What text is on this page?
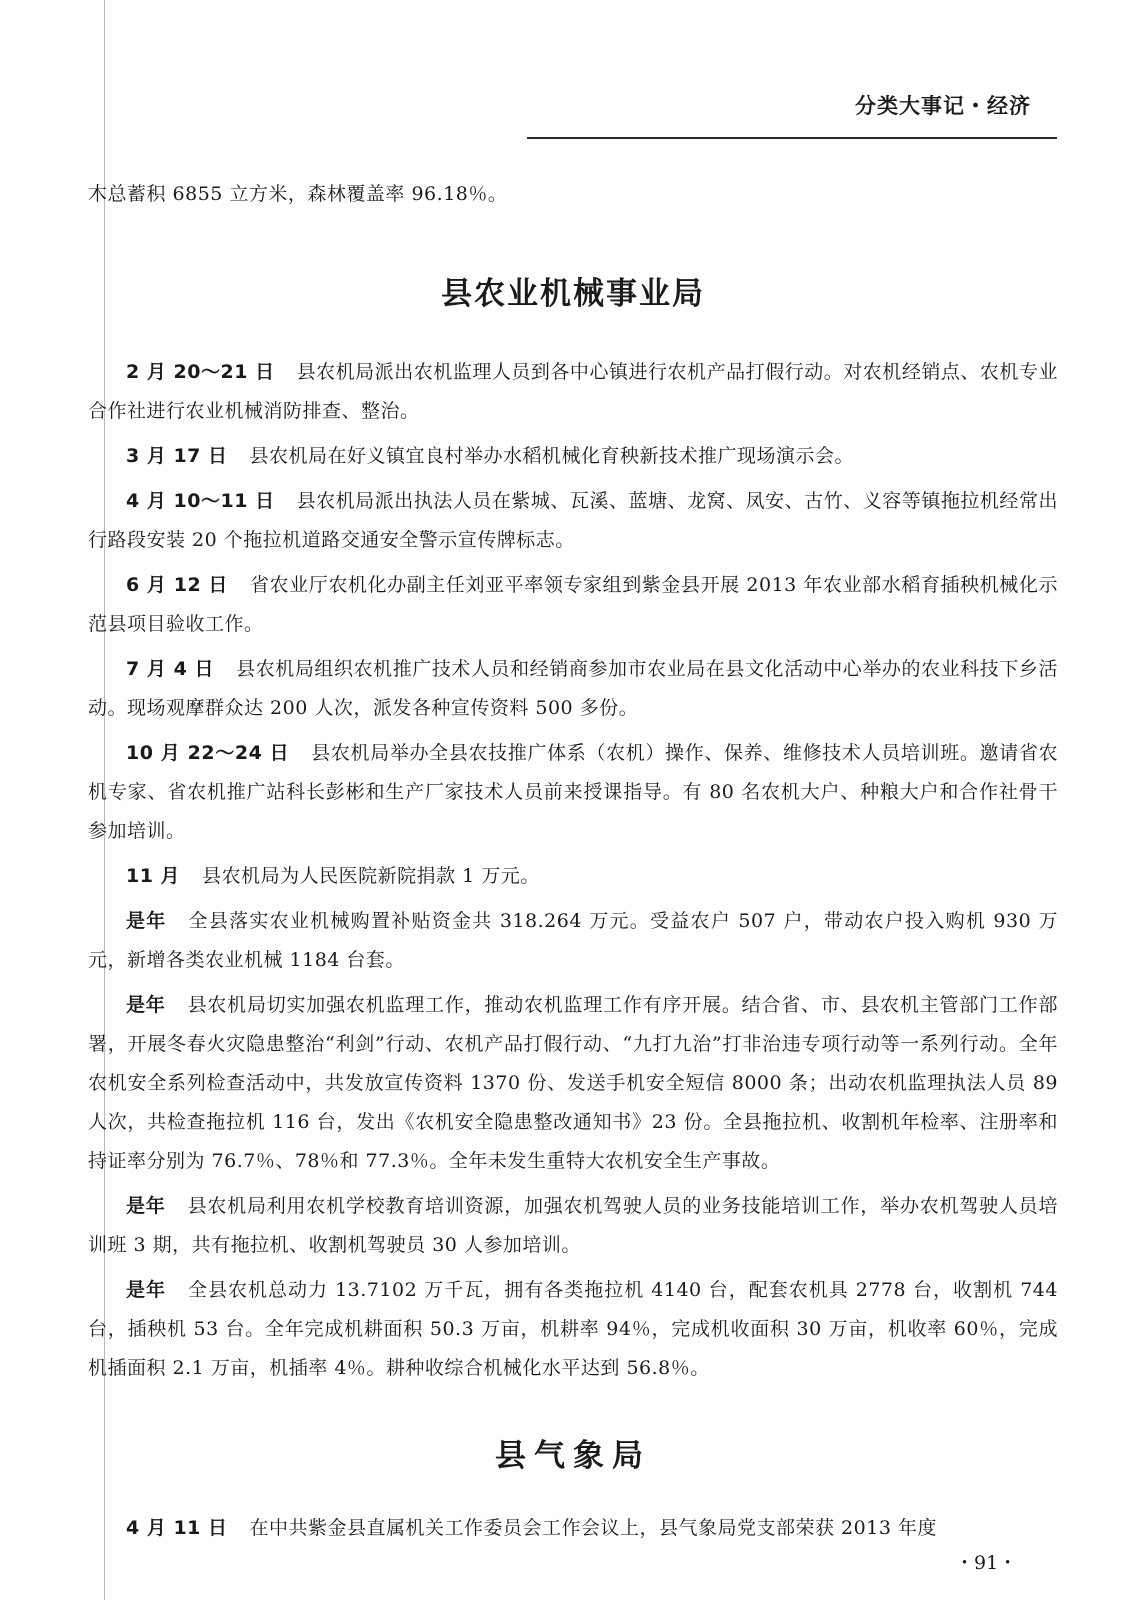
分类大事记・经济

木总蓄积 6855 立方米，森林覆盖率 96.18％。

县农业机械事业局

2 月 20～21 日 县农机局派出农机监理人员到各中心镇进行农机产品打假行动。对农机经销点、农机专业合作社进行农业机械消防排查、整治。

3 月 17 日 县农机局在好义镇宜良村举办水稻机械化育秧新技术推广现场演示会。

4 月 10～11 日 县农机局派出执法人员在紫城、瓦溪、蓝塘、龙窝、凤安、古竹、义容等镇拖拉机经常出行路段安装 20 个拖拉机道路交通安全警示宣传牌标志。

6 月 12 日 省农业厅农机化办副主任刘亚平率领专家组到紫金县开展 2013 年农业部水稻育插秧机械化示范县项目验收工作。

7 月 4 日 县农机局组织农机推广技术人员和经销商参加市农业局在县文化活动中心举办的农业科技下乡活动。现场观摩群众达 200 人次，派发各种宣传资料 500 多份。

10 月 22～24 日 县农机局举办全县农技推广体系（农机）操作、保养、维修技术人员培训班。邀请省农机专家、省农机推广站科长彭彬和生产厂家技术人员前来授课指导。有 80 名农机大户、种粮大户和合作社骨干参加培训。

11 月 县农机局为人民医院新院捐款 1 万元。

是年 全县落实农业机械购置补贴资金共 318.264 万元。受益农户 507 户，带动农户投入购机 930 万元，新增各类农业机械 1184 台套。

是年 县农机局切实加强农机监理工作，推动农机监理工作有序开展。结合省、市、县农机主管部门工作部署，开展冬春火灾隐患整治“利剑”行动、农机产品打假行动、“九打九治”打非治违专项行动等一系列行动。全年农机安全系列检查活动中，共发放宣传资料 1370 份、发送手机安全短信 8000 条；出动农机监理执法人员 89 人次，共检查拖拉机 116 台，发出《农机安全隐患整改通知书》23 份。全县拖拉机、收割机年检率、注册率和持证率分别为 76.7％、78％和 77.3％。全年未发生重特大农机安全生产事故。

是年 县农机局利用农机学校教育培训资源，加强农机驾驶人员的业务技能培训工作，举办农机驾驶人员培训班 3 期，共有拖拉机、收割机驾驶员 30 人参加培训。

是年 全县农机总动力 13.7102 万千瓦，拥有各类拖拉机 4140 台，配套农机具 2778 台，收割机 744 台，插秧机 53 台。全年完成机耕面积 50.3 万亩，机耕率 94％，完成机收面积 30 万亩，机收率 60％，完成机插面积 2.1 万亩，机插率 4％。耕种收综合机械化水平达到 56.8％。

县气象局

4 月 11 日 在中共紫金县直属机关工作委员会工作会议上，县气象局党支部荣获 2013 年度

・91・
